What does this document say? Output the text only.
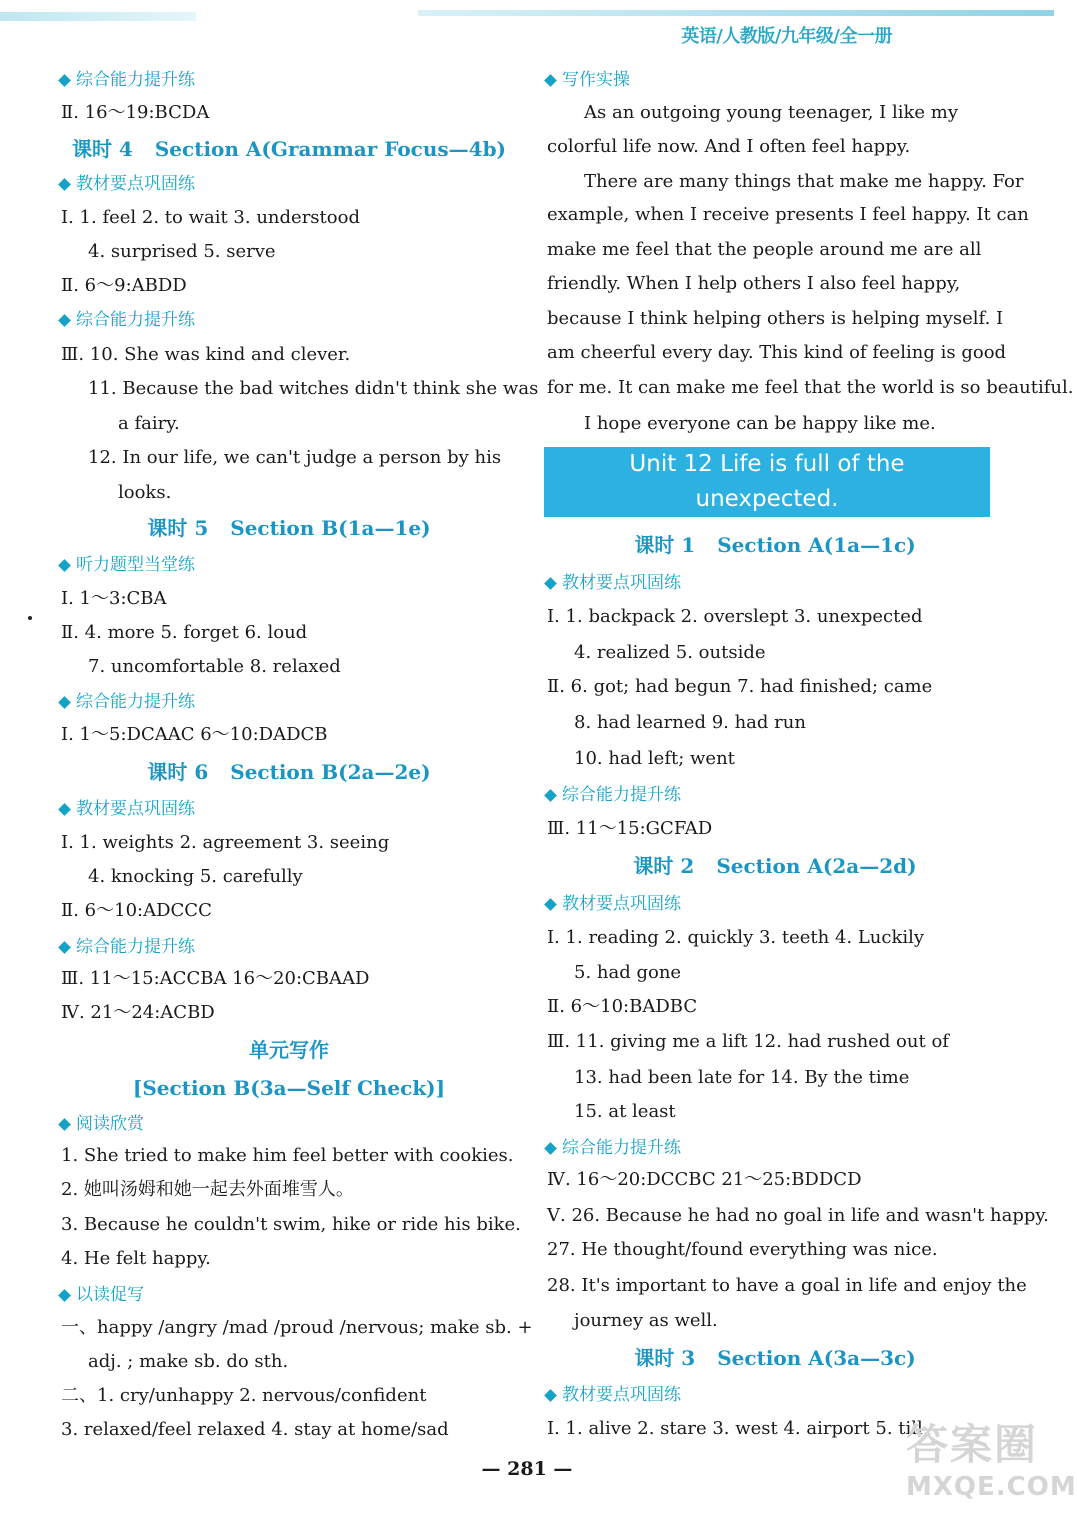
英语/人教版/九年级/全一册
综合能力提升练
Ⅱ. 16～19:BCDA
课时 4 Section A(Grammar Focus—4b)
教材要点巩固练
Ⅰ. 1. feel 2. to wait 3. understood
4. surprised 5. serve
Ⅱ. 6～9:ABDD
综合能力提升练
Ⅲ. 10. She was kind and clever.
11. Because the bad witches didn't think she was
a fairy.
12. In our life, we can't judge a person by his
looks.
课时 5 Section B(1a—1e)
听力题型当堂练
Ⅰ. 1～3:CBA
Ⅱ. 4. more 5. forget 6. loud
7. uncomfortable 8. relaxed
综合能力提升练
Ⅰ. 1～5:DCAAC 6～10:DADCB
课时 6 Section B(2a—2e)
教材要点巩固练
Ⅰ. 1. weights 2. agreement 3. seeing
4. knocking 5. carefully
Ⅱ. 6～10:ADCCC
综合能力提升练
Ⅲ. 11～15:ACCBA 16～20:CBAAD
Ⅳ. 21～24:ACBD
单元写作
[Section B(3a—Self Check)]
阅读欣赏
1. She tried to make him feel better with cookies.
2. 她叫汤姆和她一起去外面堆雪人。
3. Because he couldn't swim, hike or ride his bike.
4. He felt happy.
以读促写
一、happy /angry /mad /proud /nervous; make sb. +
adj. ; make sb. do sth.
二、1. cry/unhappy 2. nervous/confident
3. relaxed/feel relaxed 4. stay at home/sad
写作实操
As an outgoing young teenager, I like my
colorful life now. And I often feel happy.
There are many things that make me happy. For
example, when I receive presents I feel happy. It can
make me feel that the people around me are all
friendly. When I help others I also feel happy,
because I think helping others is helping myself. I
am cheerful every day. This kind of feeling is good
for me. It can make me feel that the world is so beautiful.
I hope everyone can be happy like me.
Unit 12 Life is full of the
unexpected.
课时 1 Section A(1a—1c)
教材要点巩固练
Ⅰ. 1. backpack 2. overslept 3. unexpected
4. realized 5. outside
Ⅱ. 6. got; had begun 7. had finished; came
8. had learned 9. had run
10. had left; went
综合能力提升练
Ⅲ. 11～15:GCFAD
课时 2 Section A(2a—2d)
教材要点巩固练
Ⅰ. 1. reading 2. quickly 3. teeth 4. Luckily
5. had gone
Ⅱ. 6～10:BADBC
Ⅲ. 11. giving me a lift 12. had rushed out of
13. had been late for 14. By the time
15. at least
综合能力提升练
Ⅳ. 16～20:DCCBC 21～25:BDDCD
Ⅴ. 26. Because he had no goal in life and wasn't happy.
27. He thought/found everything was nice.
28. It's important to have a goal in life and enjoy the
journey as well.
课时 3 Section A(3a—3c)
教材要点巩固练
Ⅰ. 1. alive 2. stare 3. west 4. airport 5. till
— 281 —	答案圈
MXQE.COM
